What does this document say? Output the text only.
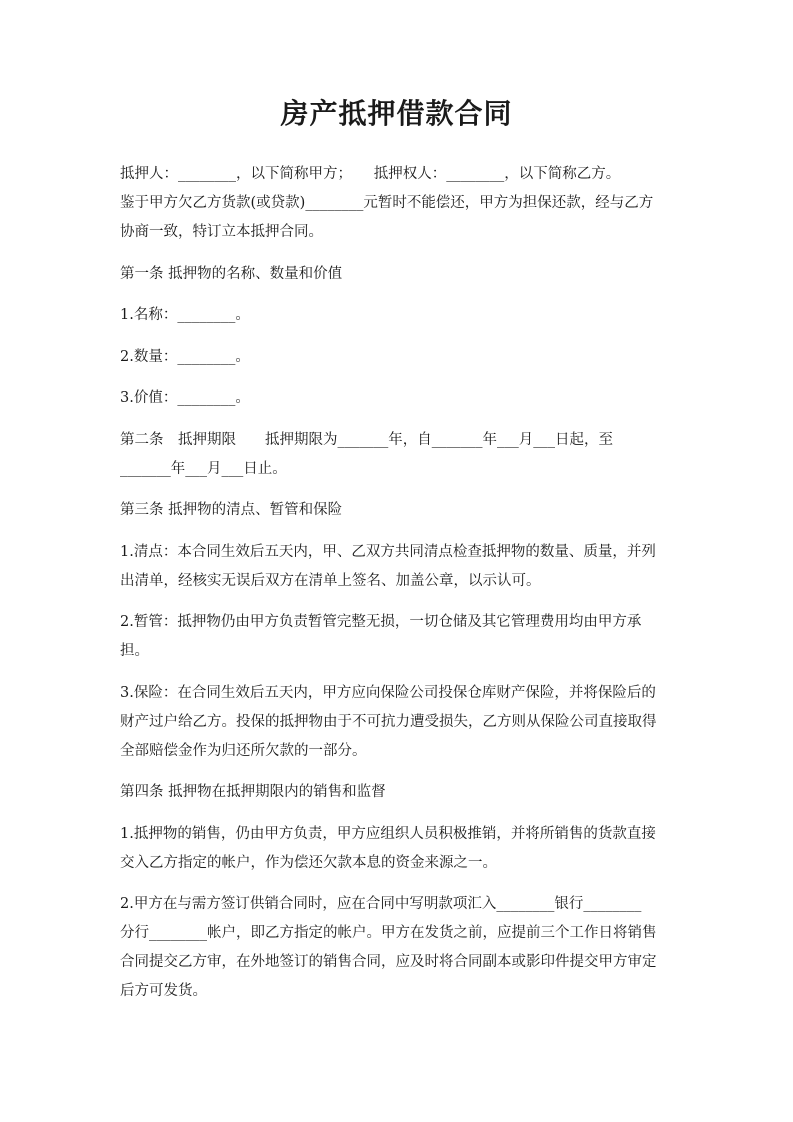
房产抵押借款合同

抵押人：________，以下简称甲方；　　抵押权人：________，以下简称乙方。
鉴于甲方欠乙方货款(或贷款)________元暂时不能偿还，甲方为担保还款，经与乙方
协商一致，特订立本抵押合同。

第一条 抵押物的名称、数量和价值

1.名称：________。

2.数量：________。

3.价值：________。

第二条　抵押期限　　抵押期限为_______年，自_______年___月___日起，至
_______年___月___日止。

第三条 抵押物的清点、暂管和保险

1.清点：本合同生效后五天内，甲、乙双方共同清点检查抵押物的数量、质量，并列
出清单，经核实无误后双方在清单上签名、加盖公章，以示认可。

2.暂管：抵押物仍由甲方负责暂管完整无损，一切仓储及其它管理费用均由甲方承
担。

3.保险：在合同生效后五天内，甲方应向保险公司投保仓库财产保险，并将保险后的
财产过户给乙方。投保的抵押物由于不可抗力遭受损失，乙方则从保险公司直接取得
全部赔偿金作为归还所欠款的一部分。

第四条 抵押物在抵押期限内的销售和监督

1.抵押物的销售，仍由甲方负责，甲方应组织人员积极推销，并将所销售的货款直接
交入乙方指定的帐户，作为偿还欠款本息的资金来源之一。

2.甲方在与需方签订供销合同时，应在合同中写明款项汇入________银行________
分行________帐户，即乙方指定的帐户。甲方在发货之前，应提前三个工作日将销售
合同提交乙方审，在外地签订的销售合同，应及时将合同副本或影印件提交甲方审定
后方可发货。
